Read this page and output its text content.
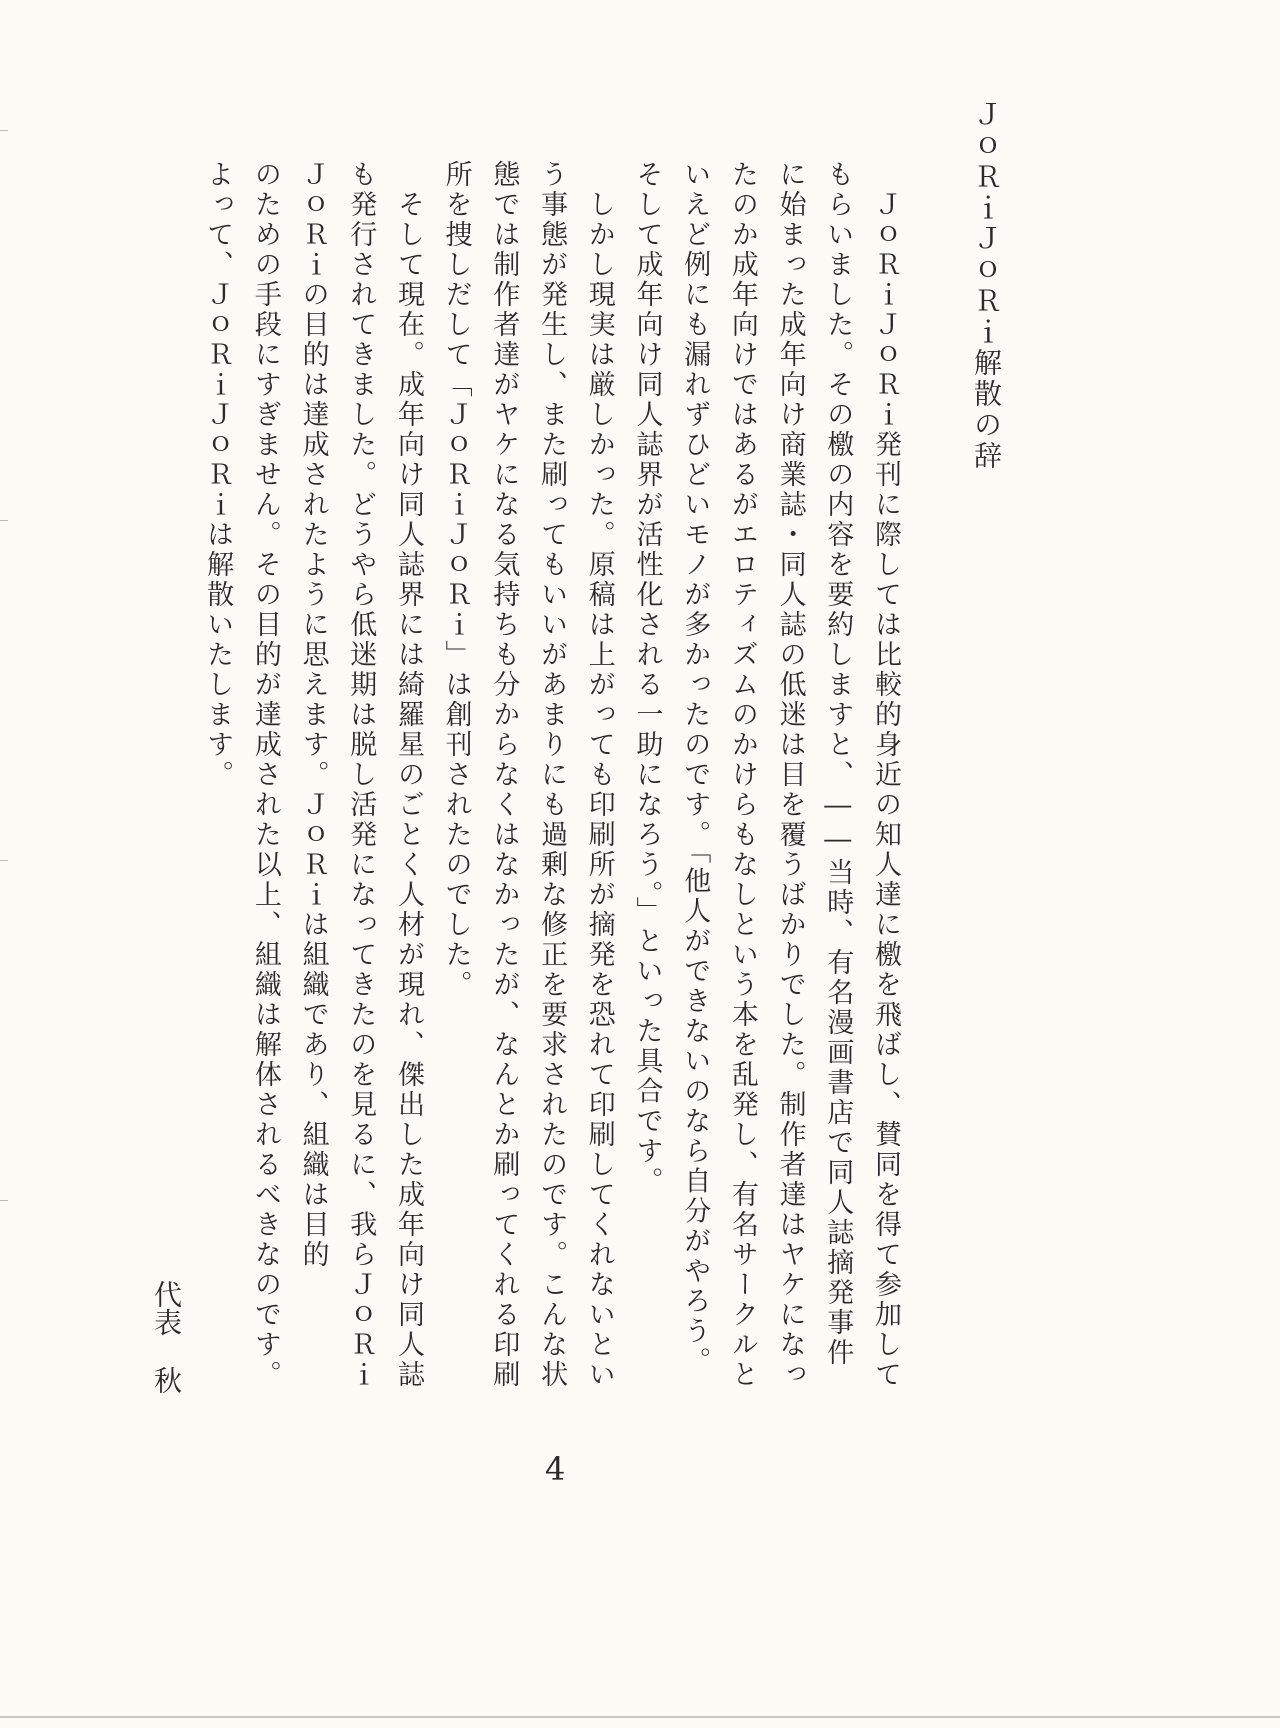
ＪｏＲｉＪｏＲｉ解散の辞
　ＪｏＲｉＪｏＲｉ発刊に際しては比較的身近の知人達に檄を飛ばし、賛同を得て参加して
もらいました。その檄の内容を要約しますと、――当時、有名漫画書店で同人誌摘発事件
に始まった成年向け商業誌・同人誌の低迷は目を覆うばかりでした。制作者達はヤケになっ
たのか成年向けではあるがエロティズムのかけらもなしという本を乱発し、有名サークルと
いえど例にも漏れずひどいモノが多かったのです。「他人ができないのなら自分がやろう。
そして成年向け同人誌界が活性化される一助になろう。」といった具合です。
　しかし現実は厳しかった。原稿は上がっても印刷所が摘発を恐れて印刷してくれないとい
う事態が発生し、また刷ってもいいがあまりにも過剰な修正を要求されたのです。こんな状
態では制作者達がヤケになる気持ちも分からなくはなかったが、なんとか刷ってくれる印刷
所を捜しだして「ＪｏＲｉＪｏＲｉ」は創刊されたのでした。
　そして現在。成年向け同人誌界には綺羅星のごとく人材が現れ、傑出した成年向け同人誌
も発行されてきました。どうやら低迷期は脱し活発になってきたのを見るに、我らＪｏＲｉ
ＪｏＲｉの目的は達成されたように思えます。ＪｏＲｉは組織であり、組織は目的
のための手段にすぎません。その目的が達成された以上、組織は解体されるべきなのです。
よって、ＪｏＲｉＪｏＲｉは解散いたします。
代表秋
4
